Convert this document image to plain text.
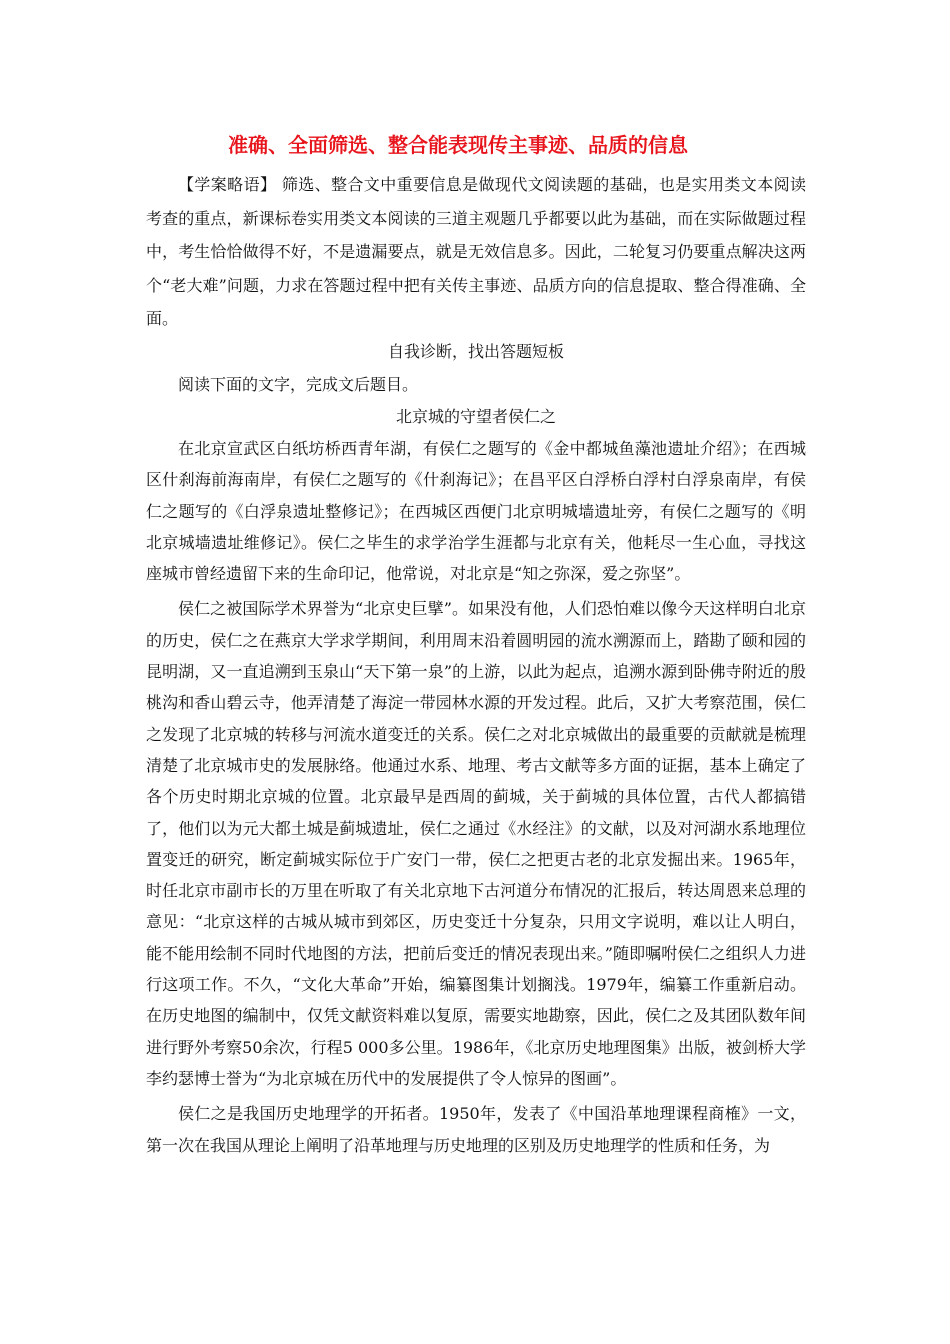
准确、全面筛选、整合能表现传主事迹、品质的信息

【学案略语】 筛选、整合文中重要信息是做现代文阅读题的基础，也是实用类文本阅读考查的重点，新课标卷实用类文本阅读的三道主观题几乎都要以此为基础，而在实际做题过程中，考生恰恰做得不好，不是遗漏要点，就是无效信息多。因此，二轮复习仍要重点解决这两个“老大难”问题，力求在答题过程中把有关传主事迹、品质方向的信息提取、整合得准确、全面。

自我诊断，找出答题短板

阅读下面的文字，完成文后题目。

北京城的守望者侯仁之

在北京宣武区白纸坊桥西青年湖，有侯仁之题写的《金中都城鱼藻池遗址介绍》；在西城区什刹海前海南岸，有侯仁之题写的《什刹海记》；在昌平区白浮桥白浮村白浮泉南岸，有侯仁之题写的《白浮泉遗址整修记》；在西城区西便门北京明城墙遗址旁，有侯仁之题写的《明北京城墙遗址维修记》。侯仁之毕生的求学治学生涯都与北京有关，他耗尽一生心血，寻找这座城市曾经遗留下来的生命印记，他常说，对北京是“知之弥深，爱之弥坚”。

侯仁之被国际学术界誉为“北京史巨擘”。如果没有他，人们恐怕难以像今天这样明白北京的历史，侯仁之在燕京大学求学期间，利用周末沿着圆明园的流水溯源而上，踏勘了颐和园的昆明湖，又一直追溯到玉泉山“天下第一泉”的上游，以此为起点，追溯水源到卧佛寺附近的殷桃沟和香山碧云寺，他弄清楚了海淀一带园林水源的开发过程。此后，又扩大考察范围，侯仁之发现了北京城的转移与河流水道变迁的关系。侯仁之对北京城做出的最重要的贡献就是梳理清楚了北京城市史的发展脉络。他通过水系、地理、考古文献等多方面的证据，基本上确定了各个历史时期北京城的位置。北京最早是西周的蓟城，关于蓟城的具体位置，古代人都搞错了，他们以为元大都土城是蓟城遗址，侯仁之通过《水经注》的文献，以及对河湖水系地理位置变迁的研究，断定蓟城实际位于广安门一带，侯仁之把更古老的北京发掘出来。1965年，时任北京市副市长的万里在听取了有关北京地下古河道分布情况的汇报后，转达周恩来总理的意见：“北京这样的古城从城市到郊区，历史变迁十分复杂，只用文字说明，难以让人明白，能不能用绘制不同时代地图的方法，把前后变迁的情况表现出来。”随即嘱咐侯仁之组织人力进行这项工作。不久，“文化大革命”开始，编纂图集计划搁浅。1979年，编纂工作重新启动。在历史地图的编制中，仅凭文献资料难以复原，需要实地勘察，因此，侯仁之及其团队数年间进行野外考察50余次，行程5 000多公里。1986年，《北京历史地理图集》出版，被剑桥大学李约瑟博士誉为“为北京城在历代中的发展提供了令人惊异的图画”。

侯仁之是我国历史地理学的开拓者。1950年，发表了《中国沿革地理课程商榷》一文，第一次在我国从理论上阐明了沿革地理与历史地理的区别及历史地理学的性质和任务，为
